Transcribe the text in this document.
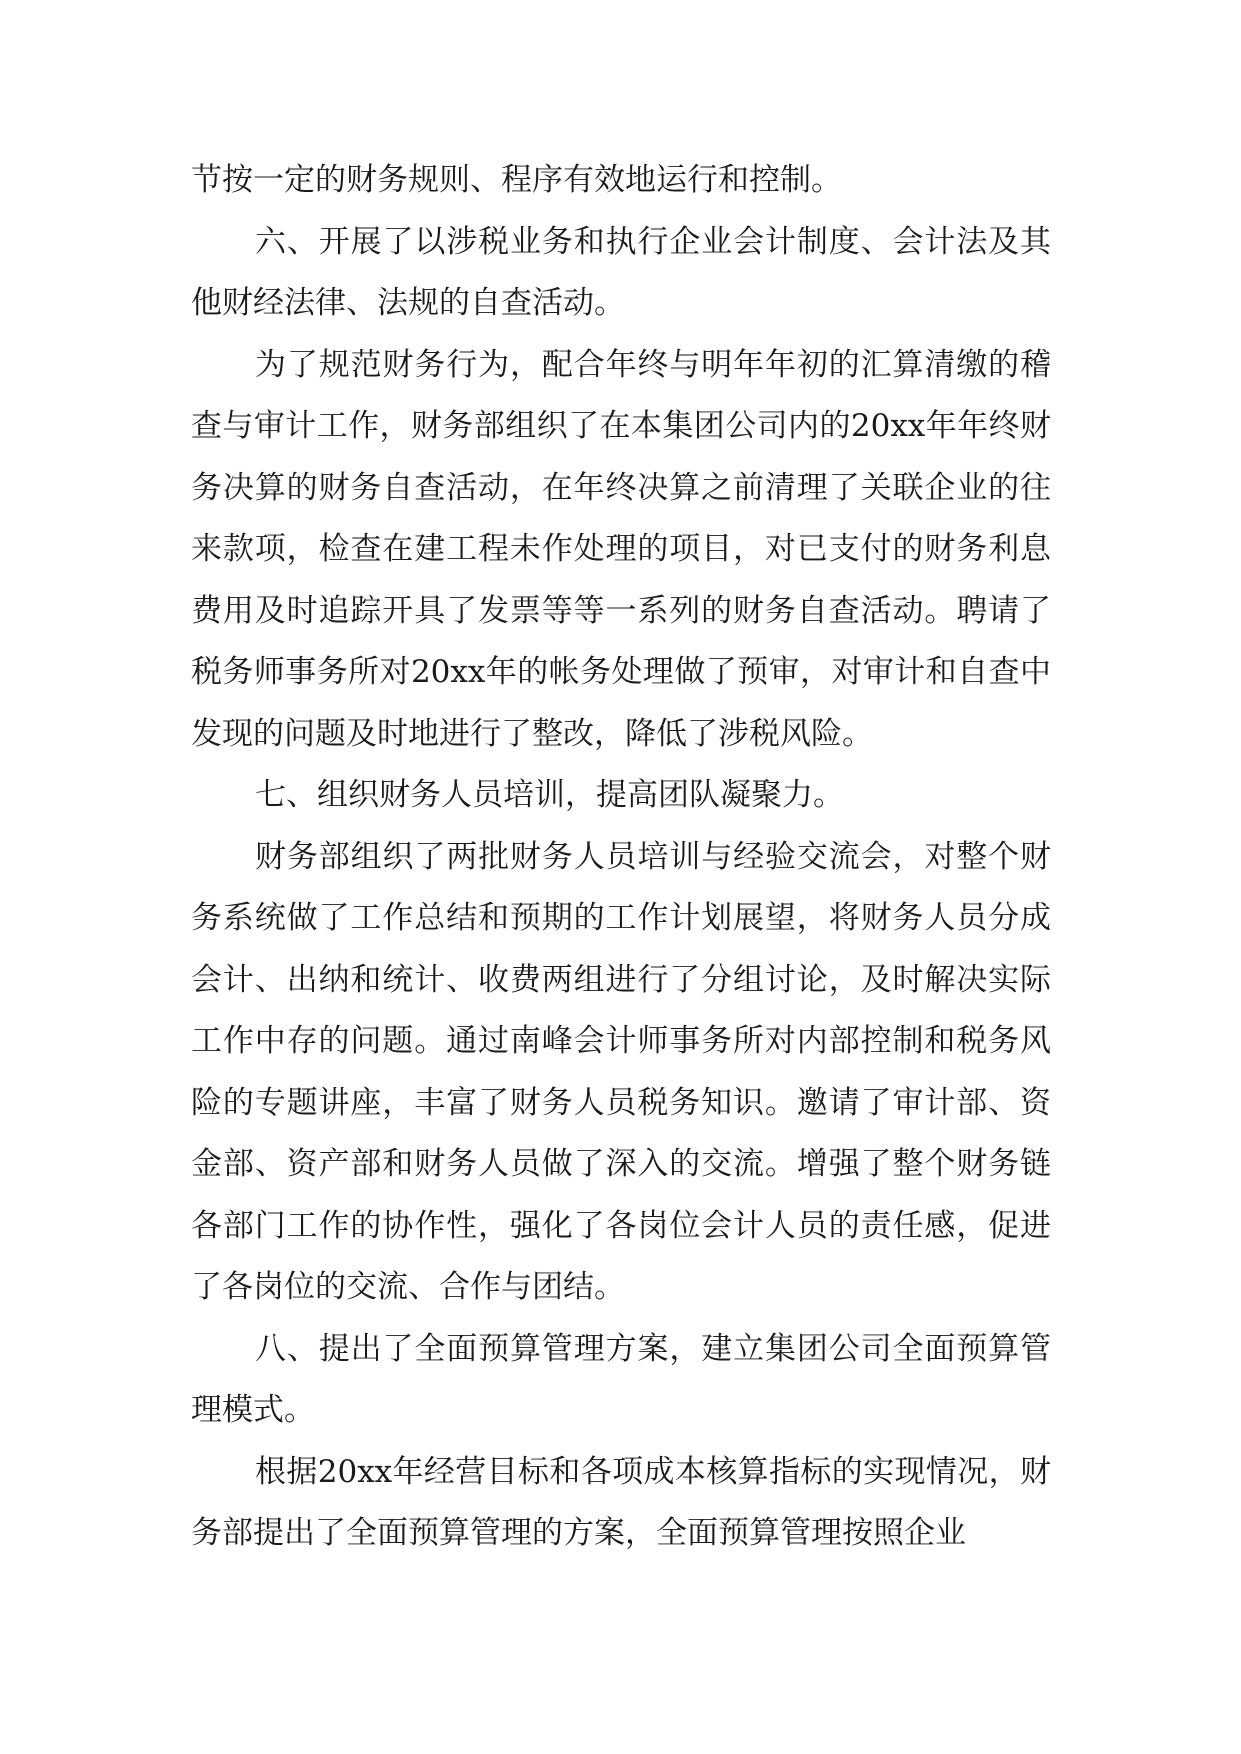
节按一定的财务规则、程序有效地运行和控制。

六、开展了以涉税业务和执行企业会计制度、会计法及其他财经法律、法规的自查活动。

为了规范财务行为，配合年终与明年年初的汇算清缴的稽查与审计工作，财务部组织了在本集团公司内的20xx年年终财务决算的财务自查活动，在年终决算之前清理了关联企业的往来款项，检查在建工程未作处理的项目，对已支付的财务利息费用及时追踪开具了发票等等一系列的财务自查活动。聘请了税务师事务所对20xx年的帐务处理做了预审，对审计和自查中发现的问题及时地进行了整改，降低了涉税风险。

七、组织财务人员培训，提高团队凝聚力。

财务部组织了两批财务人员培训与经验交流会，对整个财务系统做了工作总结和预期的工作计划展望，将财务人员分成会计、出纳和统计、收费两组进行了分组讨论，及时解决实际工作中存的问题。通过南峰会计师事务所对内部控制和税务风险的专题讲座，丰富了财务人员税务知识。邀请了审计部、资金部、资产部和财务人员做了深入的交流。增强了整个财务链各部门工作的协作性，强化了各岗位会计人员的责任感，促进了各岗位的交流、合作与团结。

八、提出了全面预算管理方案，建立集团公司全面预算管理模式。

根据20xx年经营目标和各项成本核算指标的实现情况，财务部提出了全面预算管理的方案，全面预算管理按照企业
